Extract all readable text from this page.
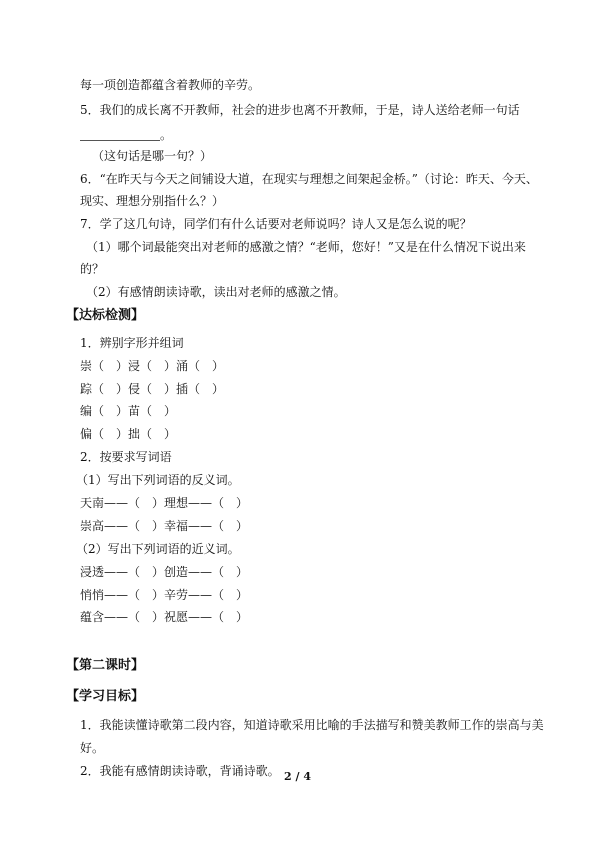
每一项创造都蕴含着教师的辛劳。

5．我们的成长离不开教师，社会的进步也离不开教师，于是，诗人送给老师一句话

。

（这句话是哪一句？）

6．“在昨天与今天之间铺设大道，在现实与理想之间架起金桥。”（讨论：昨天、今天、

现实、理想分别指什么？）

7．学了这几句诗，同学们有什么话要对老师说吗？诗人又是怎么说的呢？

（1）哪个词最能突出对老师的感激之情？“老师，您好！”又是在什么情况下说出来

的？

（2）有感情朗读诗歌，读出对老师的感激之情。

【达标检测】

1．辨别字形并组词

崇（　）浸（　）涌（　）

踪（　）侵（　）插（　）

编（　）苗（　）

偏（　）拙（　）

2．按要求写词语

（1）写出下列词语的反义词。

天南——（　）理想——（　）

崇高——（　）幸福——（　）

（2）写出下列词语的近义词。

浸透——（　）创造——（　）

悄悄——（　）辛劳——（　）

蕴含——（　）祝愿——（　）

【第二课时】

【学习目标】

1．我能读懂诗歌第二段内容，知道诗歌采用比喻的手法描写和赞美教师工作的崇高与美

好。

2．我能有感情朗读诗歌，背诵诗歌。 2 / 4
